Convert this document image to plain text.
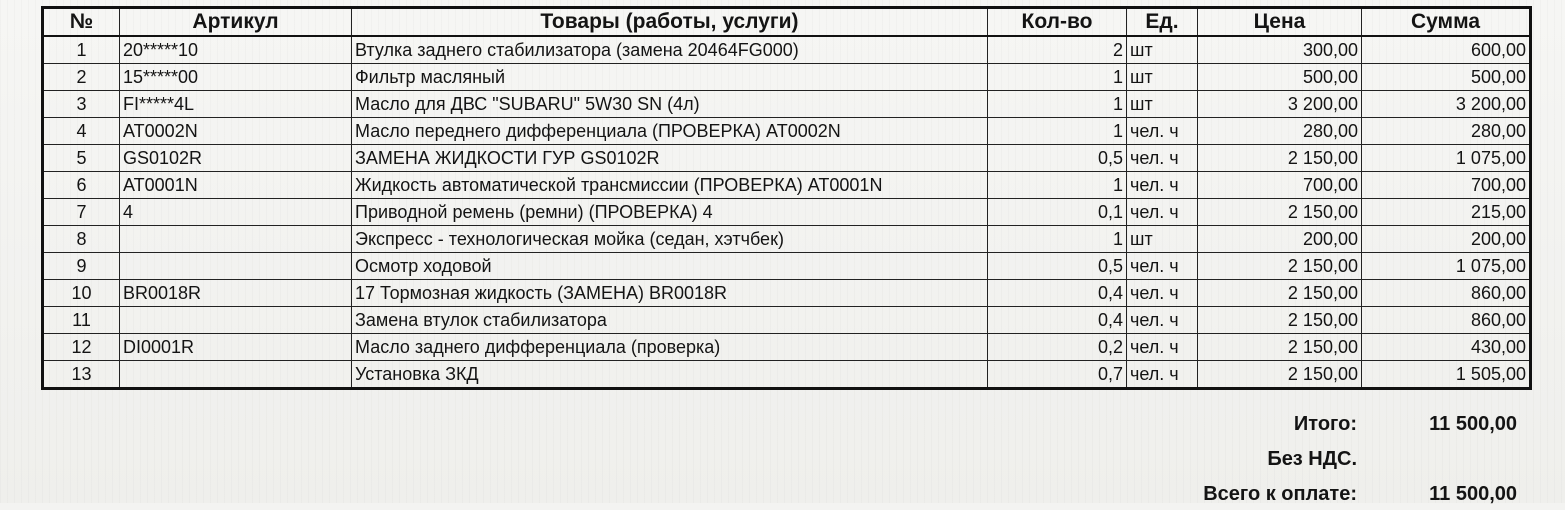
№	Артикул	Товары (работы, услуги)	Кол-во	Ед.	Цена	Сумма
1	20*****10	Втулка заднего стабилизатора (замена 20464FG000)	2	шт	300,00	600,00
2	15*****00	Фильтр масляный	1	шт	500,00	500,00
3	FI*****4L	Масло для ДВС "SUBARU" 5W30 SN (4л)	1	шт	3 200,00	3 200,00
4	AT0002N	Масло переднего дифференциала (ПРОВЕРКА) AT0002N	1	чел. ч	280,00	280,00
5	GS0102R	ЗАМЕНА ЖИДКОСТИ ГУР GS0102R	0,5	чел. ч	2 150,00	1 075,00
6	AT0001N	Жидкость автоматической трансмиссии (ПРОВЕРКА) AT0001N	1	чел. ч	700,00	700,00
7	4	Приводной ремень (ремни) (ПРОВЕРКА) 4	0,1	чел. ч	2 150,00	215,00
8		Экспресс - технологическая мойка (седан, хэтчбек)	1	шт	200,00	200,00
9		Осмотр ходовой	0,5	чел. ч	2 150,00	1 075,00
10	BR0018R	17 Тормозная жидкость (ЗАМЕНА) BR0018R	0,4	чел. ч	2 150,00	860,00
11		Замена втулок стабилизатора	0,4	чел. ч	2 150,00	860,00
12	DI0001R	Масло заднего дифференциала (проверка)	0,2	чел. ч	2 150,00	430,00
13		Установка ЗКД	0,7	чел. ч	2 150,00	1 505,00
Итого:	11 500,00
Без НДС.
Всего к оплате:	11 500,00
